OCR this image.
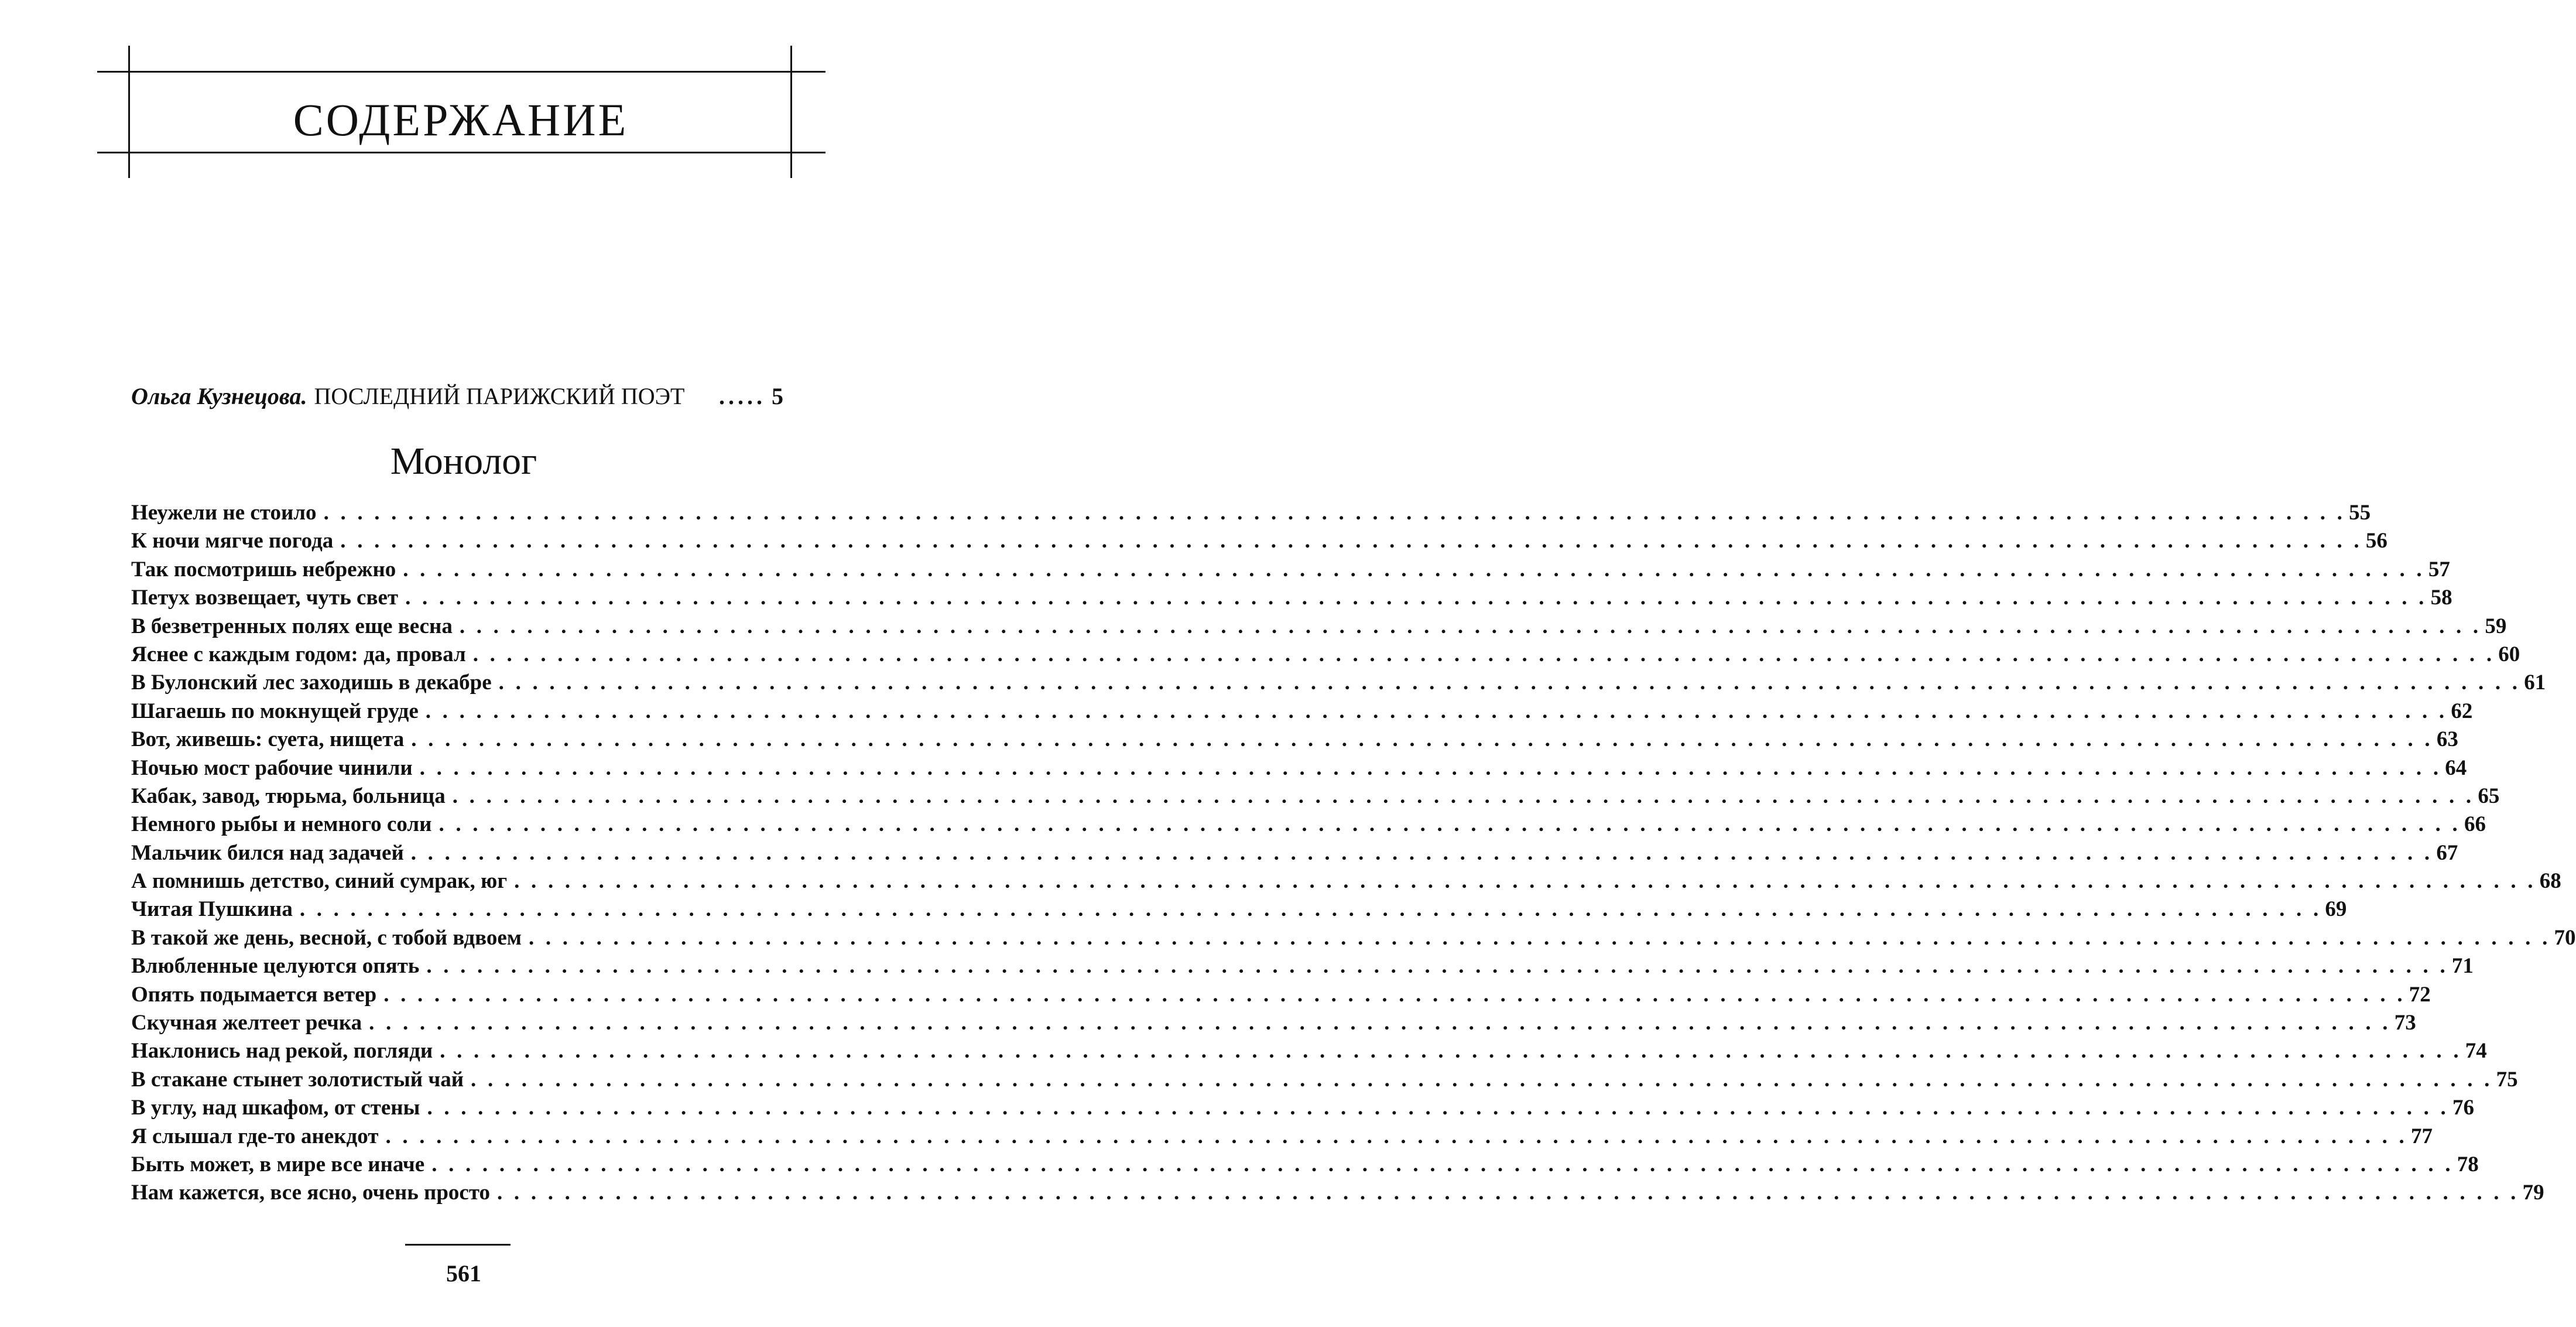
СОДЕРЖАНИЕ
Ольга Кузнецова. ПОСЛЕДНИЙ ПАРИЖСКИЙ ПОЭТ	..... 5
Монолог
Неужели не стоило . . . . . . . . . . . . . . . . . . . . . . . . . . . . . . . . . . . . . . . . . . . . . . . . . . . . . . . . . . . . . . . . . . . . . . . . . . . . . . . . . . . . . . . . . . . . . . . . . . . . . . . . . . . . . . . . . . . . . . . . 55
К ночи мягче погода . . . . . . . . . . . . . . . . . . . . . . . . . . . . . . . . . . . . . . . . . . . . . . . . . . . . . . . . . . . . . . . . . . . . . . . . . . . . . . . . . . . . . . . . . . . . . . . . . . . . . . . . . . . . . . . . . . . . . . . . 56
Так посмотришь небрежно . . . . . . . . . . . . . . . . . . . . . . . . . . . . . . . . . . . . . . . . . . . . . . . . . . . . . . . . . . . . . . . . . . . . . . . . . . . . . . . . . . . . . . . . . . . . . . . . . . . . . . . . . . . . . . . . . . . . . . . . 57
Петух возвещает, чуть свет . . . . . . . . . . . . . . . . . . . . . . . . . . . . . . . . . . . . . . . . . . . . . . . . . . . . . . . . . . . . . . . . . . . . . . . . . . . . . . . . . . . . . . . . . . . . . . . . . . . . . . . . . . . . . . . . . . . . . . . . 58
В безветренных полях еще весна . . . . . . . . . . . . . . . . . . . . . . . . . . . . . . . . . . . . . . . . . . . . . . . . . . . . . . . . . . . . . . . . . . . . . . . . . . . . . . . . . . . . . . . . . . . . . . . . . . . . . . . . . . . . . . . . . . . . . . . . 59
Яснее с каждым годом: да, провал . . . . . . . . . . . . . . . . . . . . . . . . . . . . . . . . . . . . . . . . . . . . . . . . . . . . . . . . . . . . . . . . . . . . . . . . . . . . . . . . . . . . . . . . . . . . . . . . . . . . . . . . . . . . . . . . . . . . . . . . 60
В Булонский лес заходишь в декабре . . . . . . . . . . . . . . . . . . . . . . . . . . . . . . . . . . . . . . . . . . . . . . . . . . . . . . . . . . . . . . . . . . . . . . . . . . . . . . . . . . . . . . . . . . . . . . . . . . . . . . . . . . . . . . . . . . . . . . . . 61
Шагаешь по мокнущей груде . . . . . . . . . . . . . . . . . . . . . . . . . . . . . . . . . . . . . . . . . . . . . . . . . . . . . . . . . . . . . . . . . . . . . . . . . . . . . . . . . . . . . . . . . . . . . . . . . . . . . . . . . . . . . . . . . . . . . . . . 62
Вот, живешь: суета, нищета . . . . . . . . . . . . . . . . . . . . . . . . . . . . . . . . . . . . . . . . . . . . . . . . . . . . . . . . . . . . . . . . . . . . . . . . . . . . . . . . . . . . . . . . . . . . . . . . . . . . . . . . . . . . . . . . . . . . . . . . 63
Ночью мост рабочие чинили . . . . . . . . . . . . . . . . . . . . . . . . . . . . . . . . . . . . . . . . . . . . . . . . . . . . . . . . . . . . . . . . . . . . . . . . . . . . . . . . . . . . . . . . . . . . . . . . . . . . . . . . . . . . . . . . . . . . . . . . 64
Кабак, завод, тюрьма, больница . . . . . . . . . . . . . . . . . . . . . . . . . . . . . . . . . . . . . . . . . . . . . . . . . . . . . . . . . . . . . . . . . . . . . . . . . . . . . . . . . . . . . . . . . . . . . . . . . . . . . . . . . . . . . . . . . . . . . . . . 65
Немного рыбы и немного соли . . . . . . . . . . . . . . . . . . . . . . . . . . . . . . . . . . . . . . . . . . . . . . . . . . . . . . . . . . . . . . . . . . . . . . . . . . . . . . . . . . . . . . . . . . . . . . . . . . . . . . . . . . . . . . . . . . . . . . . . 66
Мальчик бился над задачей . . . . . . . . . . . . . . . . . . . . . . . . . . . . . . . . . . . . . . . . . . . . . . . . . . . . . . . . . . . . . . . . . . . . . . . . . . . . . . . . . . . . . . . . . . . . . . . . . . . . . . . . . . . . . . . . . . . . . . . . 67
А помнишь детство, синий сумрак, юг . . . . . . . . . . . . . . . . . . . . . . . . . . . . . . . . . . . . . . . . . . . . . . . . . . . . . . . . . . . . . . . . . . . . . . . . . . . . . . . . . . . . . . . . . . . . . . . . . . . . . . . . . . . . . . . . . . . . . . . . 68
Читая Пушкина . . . . . . . . . . . . . . . . . . . . . . . . . . . . . . . . . . . . . . . . . . . . . . . . . . . . . . . . . . . . . . . . . . . . . . . . . . . . . . . . . . . . . . . . . . . . . . . . . . . . . . . . . . . . . . . . . . . . . . . . 69
В такой же день, весной, с тобой вдвоем . . . . . . . . . . . . . . . . . . . . . . . . . . . . . . . . . . . . . . . . . . . . . . . . . . . . . . . . . . . . . . . . . . . . . . . . . . . . . . . . . . . . . . . . . . . . . . . . . . . . . . . . . . . . . . . . . . . . . . . . 70
Влюбленные целуются опять . . . . . . . . . . . . . . . . . . . . . . . . . . . . . . . . . . . . . . . . . . . . . . . . . . . . . . . . . . . . . . . . . . . . . . . . . . . . . . . . . . . . . . . . . . . . . . . . . . . . . . . . . . . . . . . . . . . . . . . . 71
Опять подымается ветер . . . . . . . . . . . . . . . . . . . . . . . . . . . . . . . . . . . . . . . . . . . . . . . . . . . . . . . . . . . . . . . . . . . . . . . . . . . . . . . . . . . . . . . . . . . . . . . . . . . . . . . . . . . . . . . . . . . . . . . . 72
Скучная желтеет речка . . . . . . . . . . . . . . . . . . . . . . . . . . . . . . . . . . . . . . . . . . . . . . . . . . . . . . . . . . . . . . . . . . . . . . . . . . . . . . . . . . . . . . . . . . . . . . . . . . . . . . . . . . . . . . . . . . . . . . . . 73
Наклонись над рекой, погляди . . . . . . . . . . . . . . . . . . . . . . . . . . . . . . . . . . . . . . . . . . . . . . . . . . . . . . . . . . . . . . . . . . . . . . . . . . . . . . . . . . . . . . . . . . . . . . . . . . . . . . . . . . . . . . . . . . . . . . . . 74
В стакане стынет золотистый чай . . . . . . . . . . . . . . . . . . . . . . . . . . . . . . . . . . . . . . . . . . . . . . . . . . . . . . . . . . . . . . . . . . . . . . . . . . . . . . . . . . . . . . . . . . . . . . . . . . . . . . . . . . . . . . . . . . . . . . . . 75
В углу, над шкафом, от стены . . . . . . . . . . . . . . . . . . . . . . . . . . . . . . . . . . . . . . . . . . . . . . . . . . . . . . . . . . . . . . . . . . . . . . . . . . . . . . . . . . . . . . . . . . . . . . . . . . . . . . . . . . . . . . . . . . . . . . . . 76
Я слышал где-то анекдот . . . . . . . . . . . . . . . . . . . . . . . . . . . . . . . . . . . . . . . . . . . . . . . . . . . . . . . . . . . . . . . . . . . . . . . . . . . . . . . . . . . . . . . . . . . . . . . . . . . . . . . . . . . . . . . . . . . . . . . . 77
Быть может, в мире все иначе . . . . . . . . . . . . . . . . . . . . . . . . . . . . . . . . . . . . . . . . . . . . . . . . . . . . . . . . . . . . . . . . . . . . . . . . . . . . . . . . . . . . . . . . . . . . . . . . . . . . . . . . . . . . . . . . . . . . . . . . 78
Нам кажется, все ясно, очень просто . . . . . . . . . . . . . . . . . . . . . . . . . . . . . . . . . . . . . . . . . . . . . . . . . . . . . . . . . . . . . . . . . . . . . . . . . . . . . . . . . . . . . . . . . . . . . . . . . . . . . . . . . . . . . . . . . . . . . . . . 79
561
